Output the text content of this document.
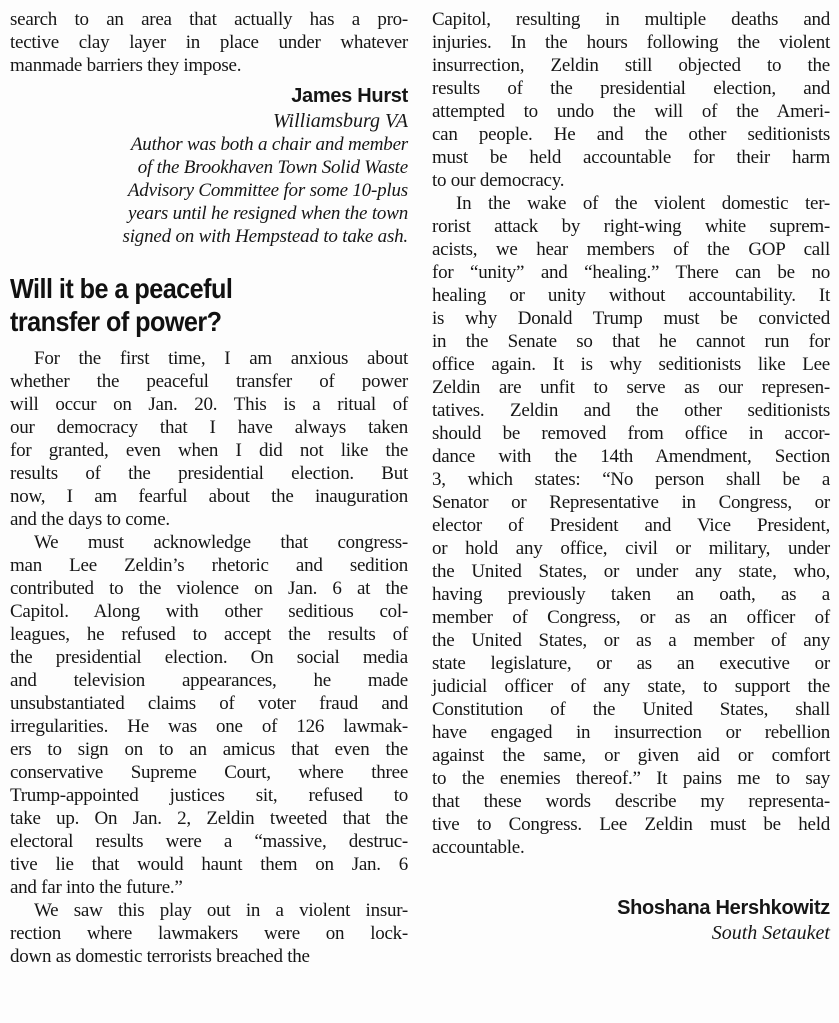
search to an area that actually has a pro-
tective clay layer in place under whatever
manmade barriers they impose.
James Hurst
Williamsburg VA
Author was both a chair and member
of the Brookhaven Town Solid Waste
Advisory Committee for some 10-plus
years until he resigned when the town
signed on with Hempstead to take ash.
Will it be a peaceful
transfer of power?
For the first time, I am anxious about
whether the peaceful transfer of power
will occur on Jan. 20. This is a ritual of
our democracy that I have always taken
for granted, even when I did not like the
results of the presidential election. But
now, I am fearful about the inauguration
and the days to come.
We must acknowledge that congress-
man Lee Zeldin’s rhetoric and sedition
contributed to the violence on Jan. 6 at the
Capitol. Along with other seditious col-
leagues, he refused to accept the results of
the presidential election. On social media
and television appearances, he made
unsubstantiated claims of voter fraud and
irregularities. He was one of 126 lawmak-
ers to sign on to an amicus that even the
conservative Supreme Court, where three
Trump-appointed justices sit, refused to
take up. On Jan. 2, Zeldin tweeted that the
electoral results were a “massive, destruc-
tive lie that would haunt them on Jan. 6
and far into the future.”
We saw this play out in a violent insur-
rection where lawmakers were on lock-
down as domestic terrorists breached the
Capitol, resulting in multiple deaths and
injuries. In the hours following the violent
insurrection, Zeldin still objected to the
results of the presidential election, and
attempted to undo the will of the Ameri-
can people. He and the other seditionists
must be held accountable for their harm
to our democracy.
In the wake of the violent domestic ter-
rorist attack by right-wing white suprem-
acists, we hear members of the GOP call
for “unity” and “healing.” There can be no
healing or unity without accountability. It
is why Donald Trump must be convicted
in the Senate so that he cannot run for
office again. It is why seditionists like Lee
Zeldin are unfit to serve as our represen-
tatives. Zeldin and the other seditionists
should be removed from office in accor-
dance with the 14th Amendment, Section
3, which states: “No person shall be a
Senator or Representative in Congress, or
elector of President and Vice President,
or hold any office, civil or military, under
the United States, or under any state, who,
having previously taken an oath, as a
member of Congress, or as an officer of
the United States, or as a member of any
state legislature, or as an executive or
judicial officer of any state, to support the
Constitution of the United States, shall
have engaged in insurrection or rebellion
against the same, or given aid or comfort
to the enemies thereof.” It pains me to say
that these words describe my representa-
tive to Congress. Lee Zeldin must be held
accountable.
Shoshana Hershkowitz
South Setauket
